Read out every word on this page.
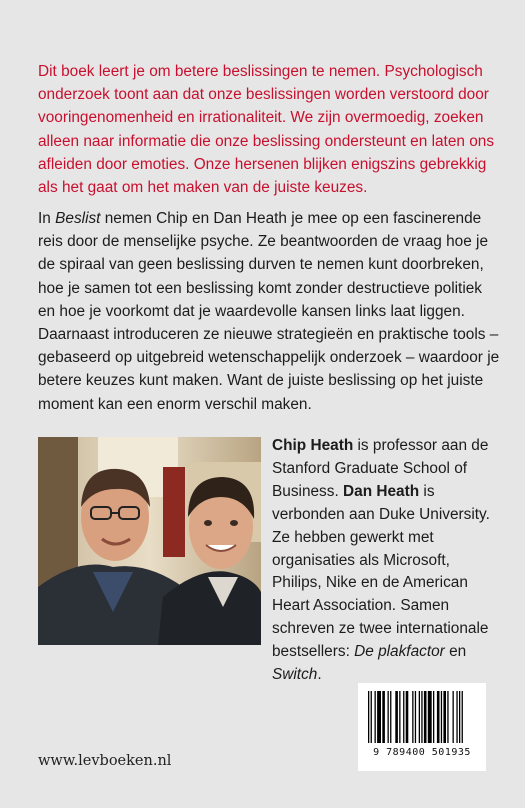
Dit boek leert je om betere beslissingen te nemen. Psychologisch onderzoek toont aan dat onze beslissingen worden verstoord door vooringenomenheid en irrationaliteit. We zijn overmoedig, zoeken alleen naar informatie die onze beslissing ondersteunt en laten ons afleiden door emoties. Onze hersenen blijken enigszins gebrekkig als het gaat om het maken van de juiste keuzes.

In Beslist nemen Chip en Dan Heath je mee op een fascinerende reis door de menselijke psyche. Ze beantwoorden de vraag hoe je de spiraal van geen beslissing durven te nemen kunt doorbreken, hoe je samen tot een beslissing komt zonder destructieve politiek en hoe je voorkomt dat je waardevolle kansen links laat liggen. Daarnaast introduceren ze nieuwe strategieën en praktische tools – gebaseerd op uitgebreid wetenschappelijk onderzoek – waardoor je betere keuzes kunt maken. Want de juiste beslissing op het juiste moment kan een enorm verschil maken.

Chip Heath is professor aan de Stanford Graduate School of Business. Dan Heath is verbonden aan Duke University. Ze hebben gewerkt met organisaties als Microsoft, Philips, Nike en de American Heart Association. Samen schreven ze twee internationale bestsellers: De plakfactor en Switch.

9 789400 501935

www.levboeken.nl
